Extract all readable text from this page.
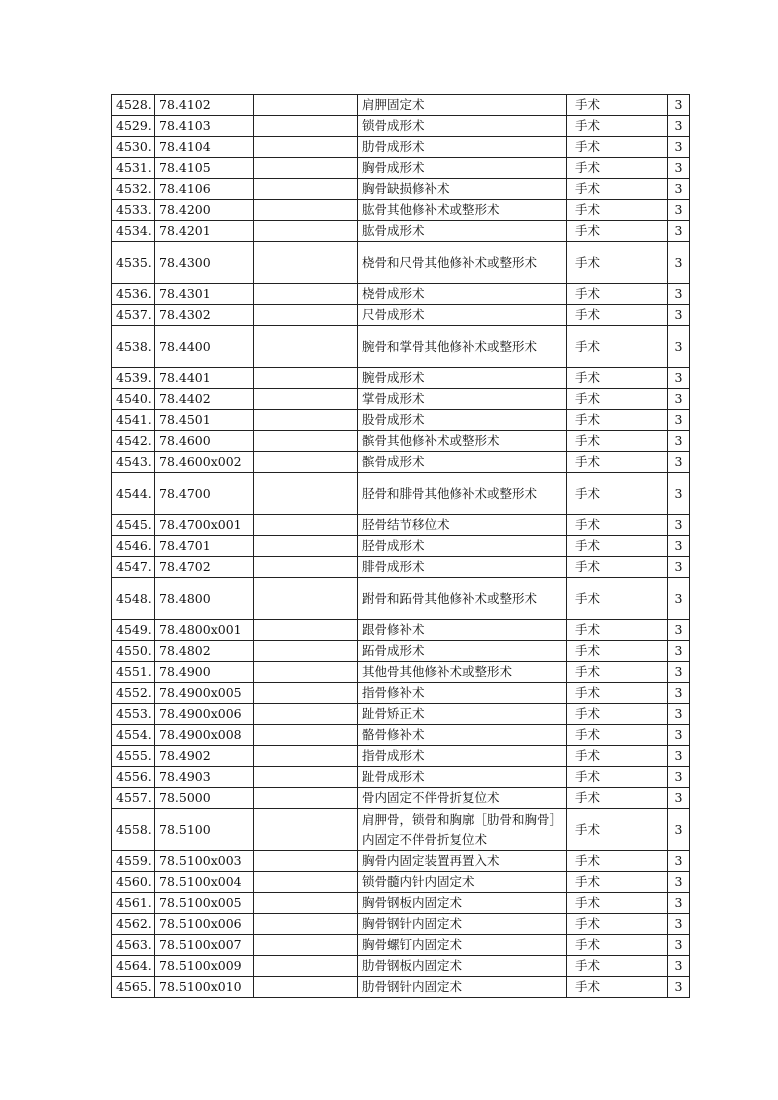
4528.	78.4102		肩胛固定术	手术	3
4529.	78.4103		锁骨成形术	手术	3
4530.	78.4104		肋骨成形术	手术	3
4531.	78.4105		胸骨成形术	手术	3
4532.	78.4106		胸骨缺损修补术	手术	3
4533.	78.4200		肱骨其他修补术或整形术	手术	3
4534.	78.4201		肱骨成形术	手术	3
4535.	78.4300		桡骨和尺骨其他修补术或整形术	手术	3
4536.	78.4301		桡骨成形术	手术	3
4537.	78.4302		尺骨成形术	手术	3
4538.	78.4400		腕骨和掌骨其他修补术或整形术	手术	3
4539.	78.4401		腕骨成形术	手术	3
4540.	78.4402		掌骨成形术	手术	3
4541.	78.4501		股骨成形术	手术	3
4542.	78.4600		髌骨其他修补术或整形术	手术	3
4543.	78.4600x002		髌骨成形术	手术	3
4544.	78.4700		胫骨和腓骨其他修补术或整形术	手术	3
4545.	78.4700x001		胫骨结节移位术	手术	3
4546.	78.4701		胫骨成形术	手术	3
4547.	78.4702		腓骨成形术	手术	3
4548.	78.4800		跗骨和跖骨其他修补术或整形术	手术	3
4549.	78.4800x001		跟骨修补术	手术	3
4550.	78.4802		跖骨成形术	手术	3
4551.	78.4900		其他骨其他修补术或整形术	手术	3
4552.	78.4900x005		指骨修补术	手术	3
4553.	78.4900x006		趾骨矫正术	手术	3
4554.	78.4900x008		骼骨修补术	手术	3
4555.	78.4902		指骨成形术	手术	3
4556.	78.4903		趾骨成形术	手术	3
4557.	78.5000		骨内固定不伴骨折复位术	手术	3
4558.	78.5100		肩胛骨，锁骨和胸廓［肋骨和胸骨］内固定不伴骨折复位术	手术	3
4559.	78.5100x003		胸骨内固定装置再置入术	手术	3
4560.	78.5100x004		锁骨髓内针内固定术	手术	3
4561.	78.5100x005		胸骨钢板内固定术	手术	3
4562.	78.5100x006		胸骨钢针内固定术	手术	3
4563.	78.5100x007		胸骨螺钉内固定术	手术	3
4564.	78.5100x009		肋骨钢板内固定术	手术	3
4565.	78.5100x010		肋骨钢针内固定术	手术	3
